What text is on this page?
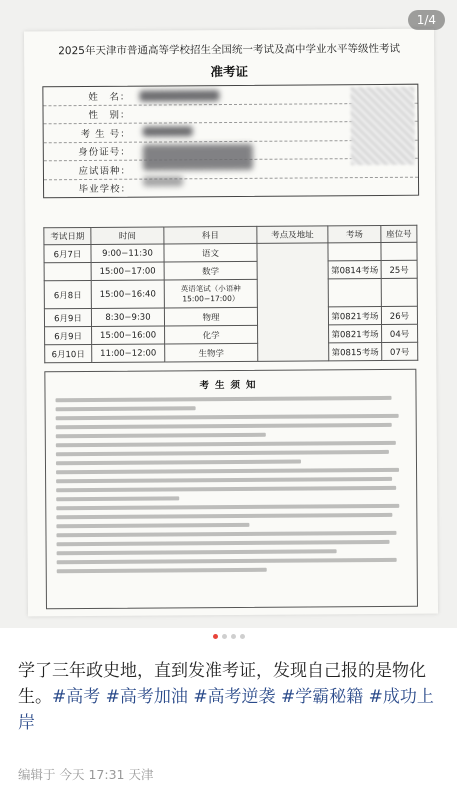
2025年天津市普通高等学校招生全国统一考试及高中学业水平等级性考试
准考证
姓　名：
性　别：
考 生 号：
身份证号：
应试语种：
毕业学校：
考试日期	时间	科目	考点及地址	考场	座位号
6月7日	9:00−11:30	语文			
	15:00−17:00	数学		第0814考场	25号
6月8日	15:00−16:40	英语笔试（小语种15:00−17:00）			
6月9日	8:30−9:30	物理		第0821考场	26号
6月9日	15:00−16:00	化学		第0821考场	04号
6月10日	11:00−12:00	生物学		第0815考场	07号
考生须知
1/4
学了三年政史地，直到发准考证，发现自己报的是物化生。#高考 #高考加油 #高考逆袭 #学霸秘籍 #成功上岸
编辑于 今天 17:31 天津
